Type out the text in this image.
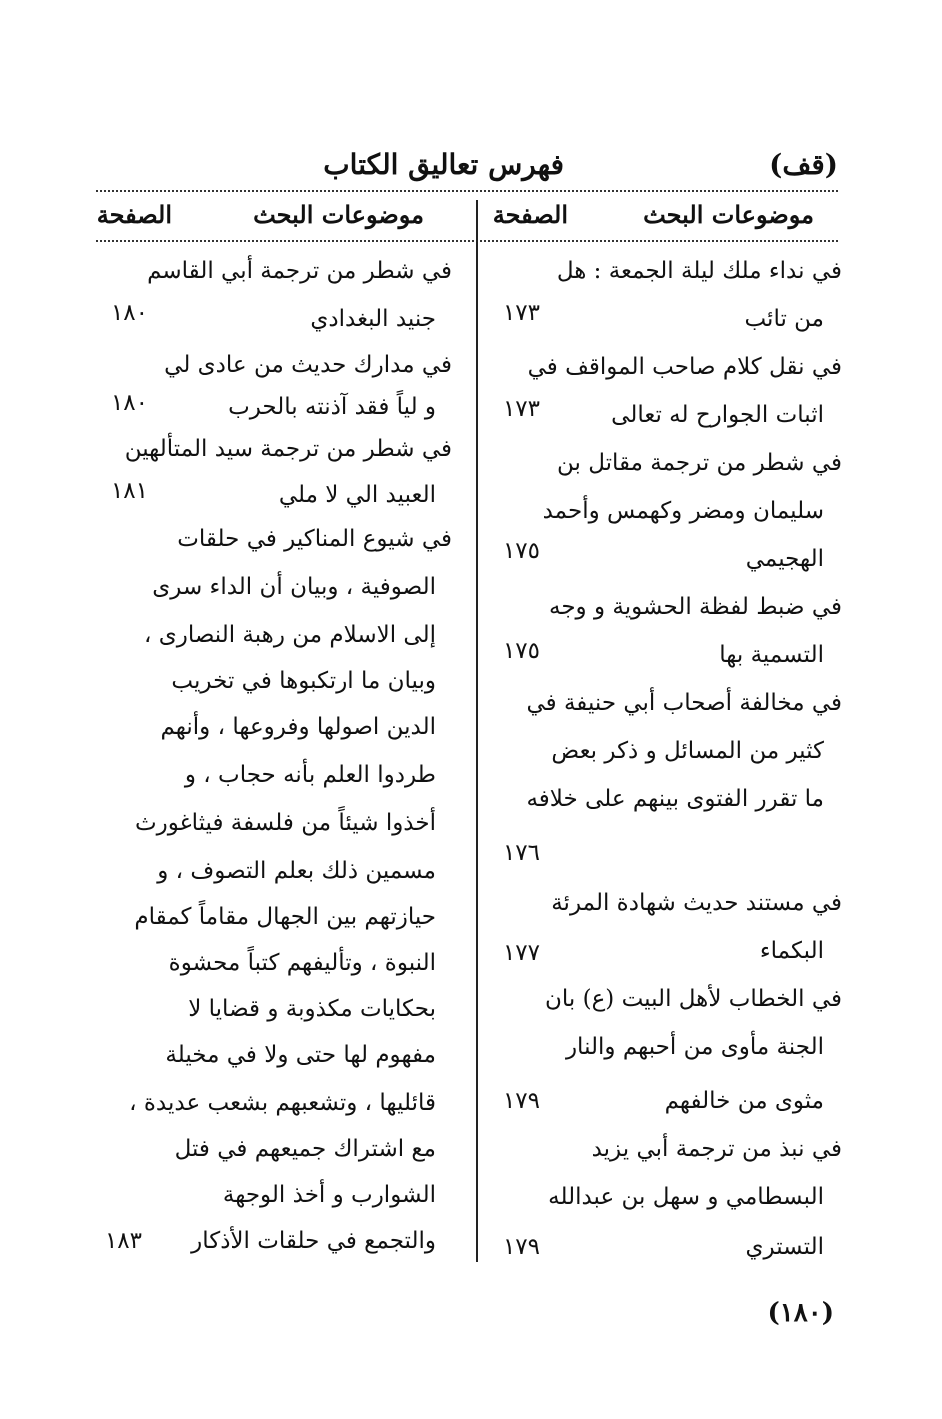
فهرس تعاليق الكتاب	(قف)
موضوعات البحث
الصفحة
موضوعات البحث
الصفحة
في نداء ملك ليلة الجمعة : هل
من تائب
في نقل كلام صاحب المواقف في
اثبات الجوارح له تعالى
في شطر من ترجمة مقاتل بن
سليمان ومضر وكهمس وأحمد
الهجيمي
في ضبط لفظة الحشوية و وجه
التسمية بها
في مخالفة أصحاب أبي حنيفة في
كثير من المسائل و ذكر بعض
ما تقرر الفتوى بينهم على خلافه
في مستند حديث شهادة المرئة
البكماء
في الخطاب لأهل البيت (ع) بان
الجنة مأوى من أحبهم والنار
مثوى من خالفهم
في نبذ من ترجمة أبي يزيد
البسطامي و سهل بن عبدالله
التستري
١٧٣
١٧٣
١٧٥
١٧٥
١٧٦
١٧٧
١٧٩
١٧٩
في شطر من ترجمة أبي القاسم
جنيد البغدادي
في مدارك حديث من عادى لي
و لياً فقد آذنته بالحرب
في شطر من ترجمة سيد المتألهين
العبيد الي لا ملي
في شيوع المناكير في حلقات
الصوفية ، وبيان أن الداء سرى
إلى الاسلام من رهبة النصارى ،
وبيان ما ارتكبوها في تخريب
الدين اصولها وفروعها ، وأنهم
طردوا العلم بأنه حجاب ، و
أخذوا شيئاً من فلسفة فيثاغورث
مسمين ذلك بعلم التصوف ، و
حيازتهم بين الجهال مقاماً كمقام
النبوة ، وتأليفهم كتباً محشوة
بحكايات مكذوبة و قضايا لا
مفهوم لها حتى ولا في مخيلة
قائليها ، وتشعبهم بشعب عديدة ،
مع اشتراك جميعهم في فتل
الشوارب و أخذ الوجهة
والتجمع في حلقات الأذكار
١٨٠
١٨٠
١٨١
١٨٣
(١٨٠)
